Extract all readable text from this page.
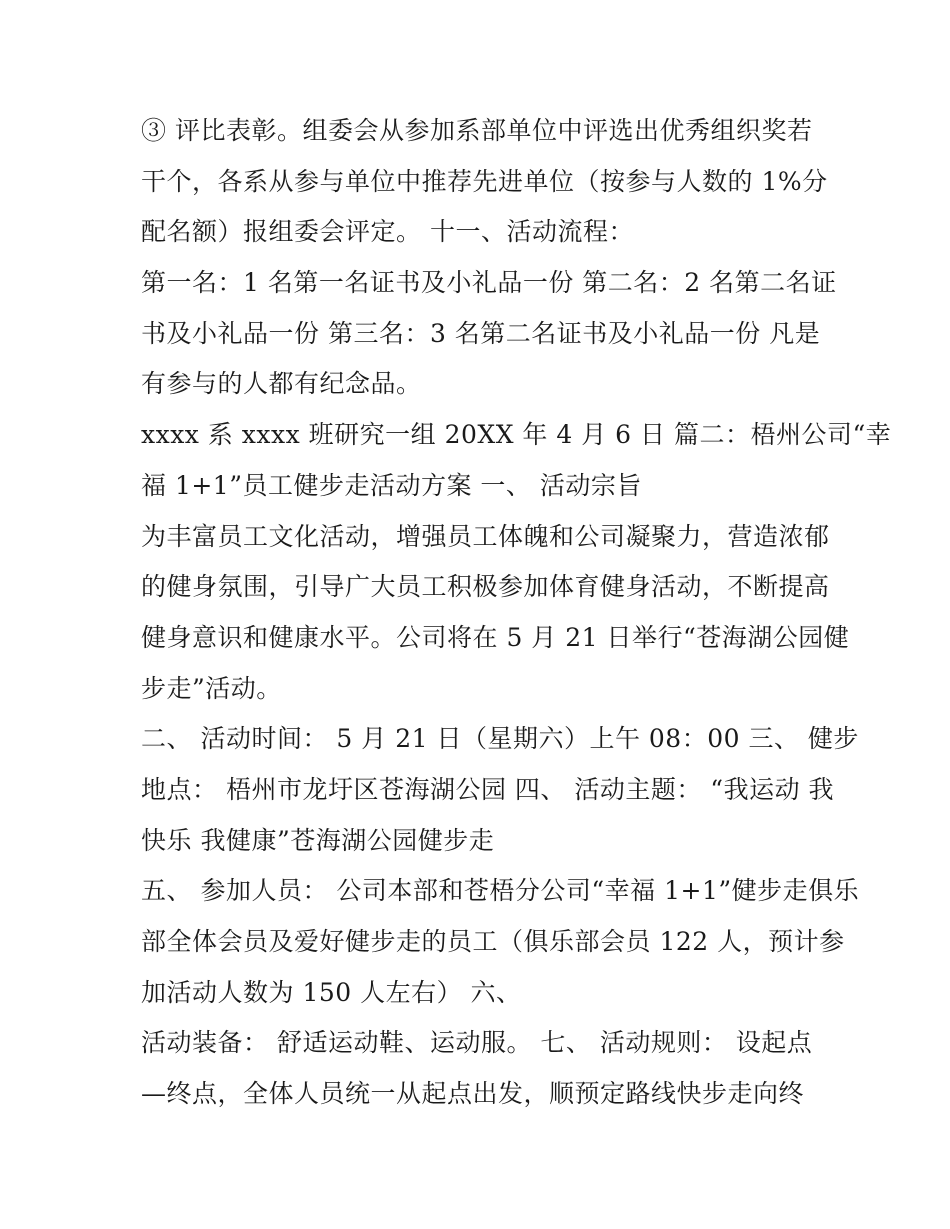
③ 评比表彰。组委会从参加系部单位中评选出优秀组织奖若
干个，各系从参与单位中推荐先进单位（按参与人数的 1%分
配名额）报组委会评定。 十一、活动流程：
第一名：1 名第一名证书及小礼品一份 第二名：2 名第二名证
书及小礼品一份 第三名：3 名第二名证书及小礼品一份 凡是
有参与的人都有纪念品。
xxxx 系 xxxx 班研究一组 20XX 年 4 月 6 日 篇二：梧州公司“幸
福 1+1”员工健步走活动方案 一、 活动宗旨
为丰富员工文化活动，增强员工体魄和公司凝聚力，营造浓郁
的健身氛围，引导广大员工积极参加体育健身活动，不断提高
健身意识和健康水平。公司将在 5 月 21 日举行“苍海湖公园健
步走”活动。
二、 活动时间： 5 月 21 日（星期六）上午 08：00 三、 健步
地点： 梧州市龙圩区苍海湖公园 四、 活动主题： “我运动 我
快乐 我健康”苍海湖公园健步走
五、 参加人员： 公司本部和苍梧分公司“幸福 1+1”健步走俱乐
部全体会员及爱好健步走的员工（俱乐部会员 122 人，预计参
加活动人数为 150 人左右） 六、
活动装备： 舒适运动鞋、运动服。 七、 活动规则： 设起点
—终点，全体人员统一从起点出发，顺预定路线快步走向终
